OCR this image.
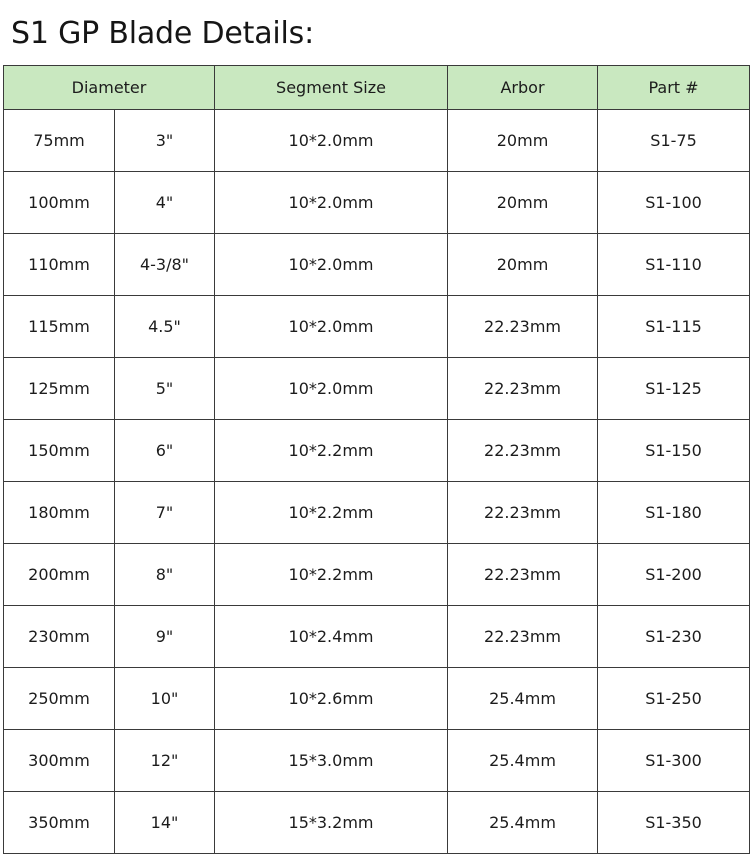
S1 GP Blade Details:
Diameter		Segment Size	Arbor	Part #
75mm	3"	10*2.0mm	20mm	S1-75
100mm	4"	10*2.0mm	20mm	S1-100
110mm	4-3/8"	10*2.0mm	20mm	S1-110
115mm	4.5"	10*2.0mm	22.23mm	S1-115
125mm	5"	10*2.0mm	22.23mm	S1-125
150mm	6"	10*2.2mm	22.23mm	S1-150
180mm	7"	10*2.2mm	22.23mm	S1-180
200mm	8"	10*2.2mm	22.23mm	S1-200
230mm	9"	10*2.4mm	22.23mm	S1-230
250mm	10"	10*2.6mm	25.4mm	S1-250
300mm	12"	15*3.0mm	25.4mm	S1-300
350mm	14"	15*3.2mm	25.4mm	S1-350
